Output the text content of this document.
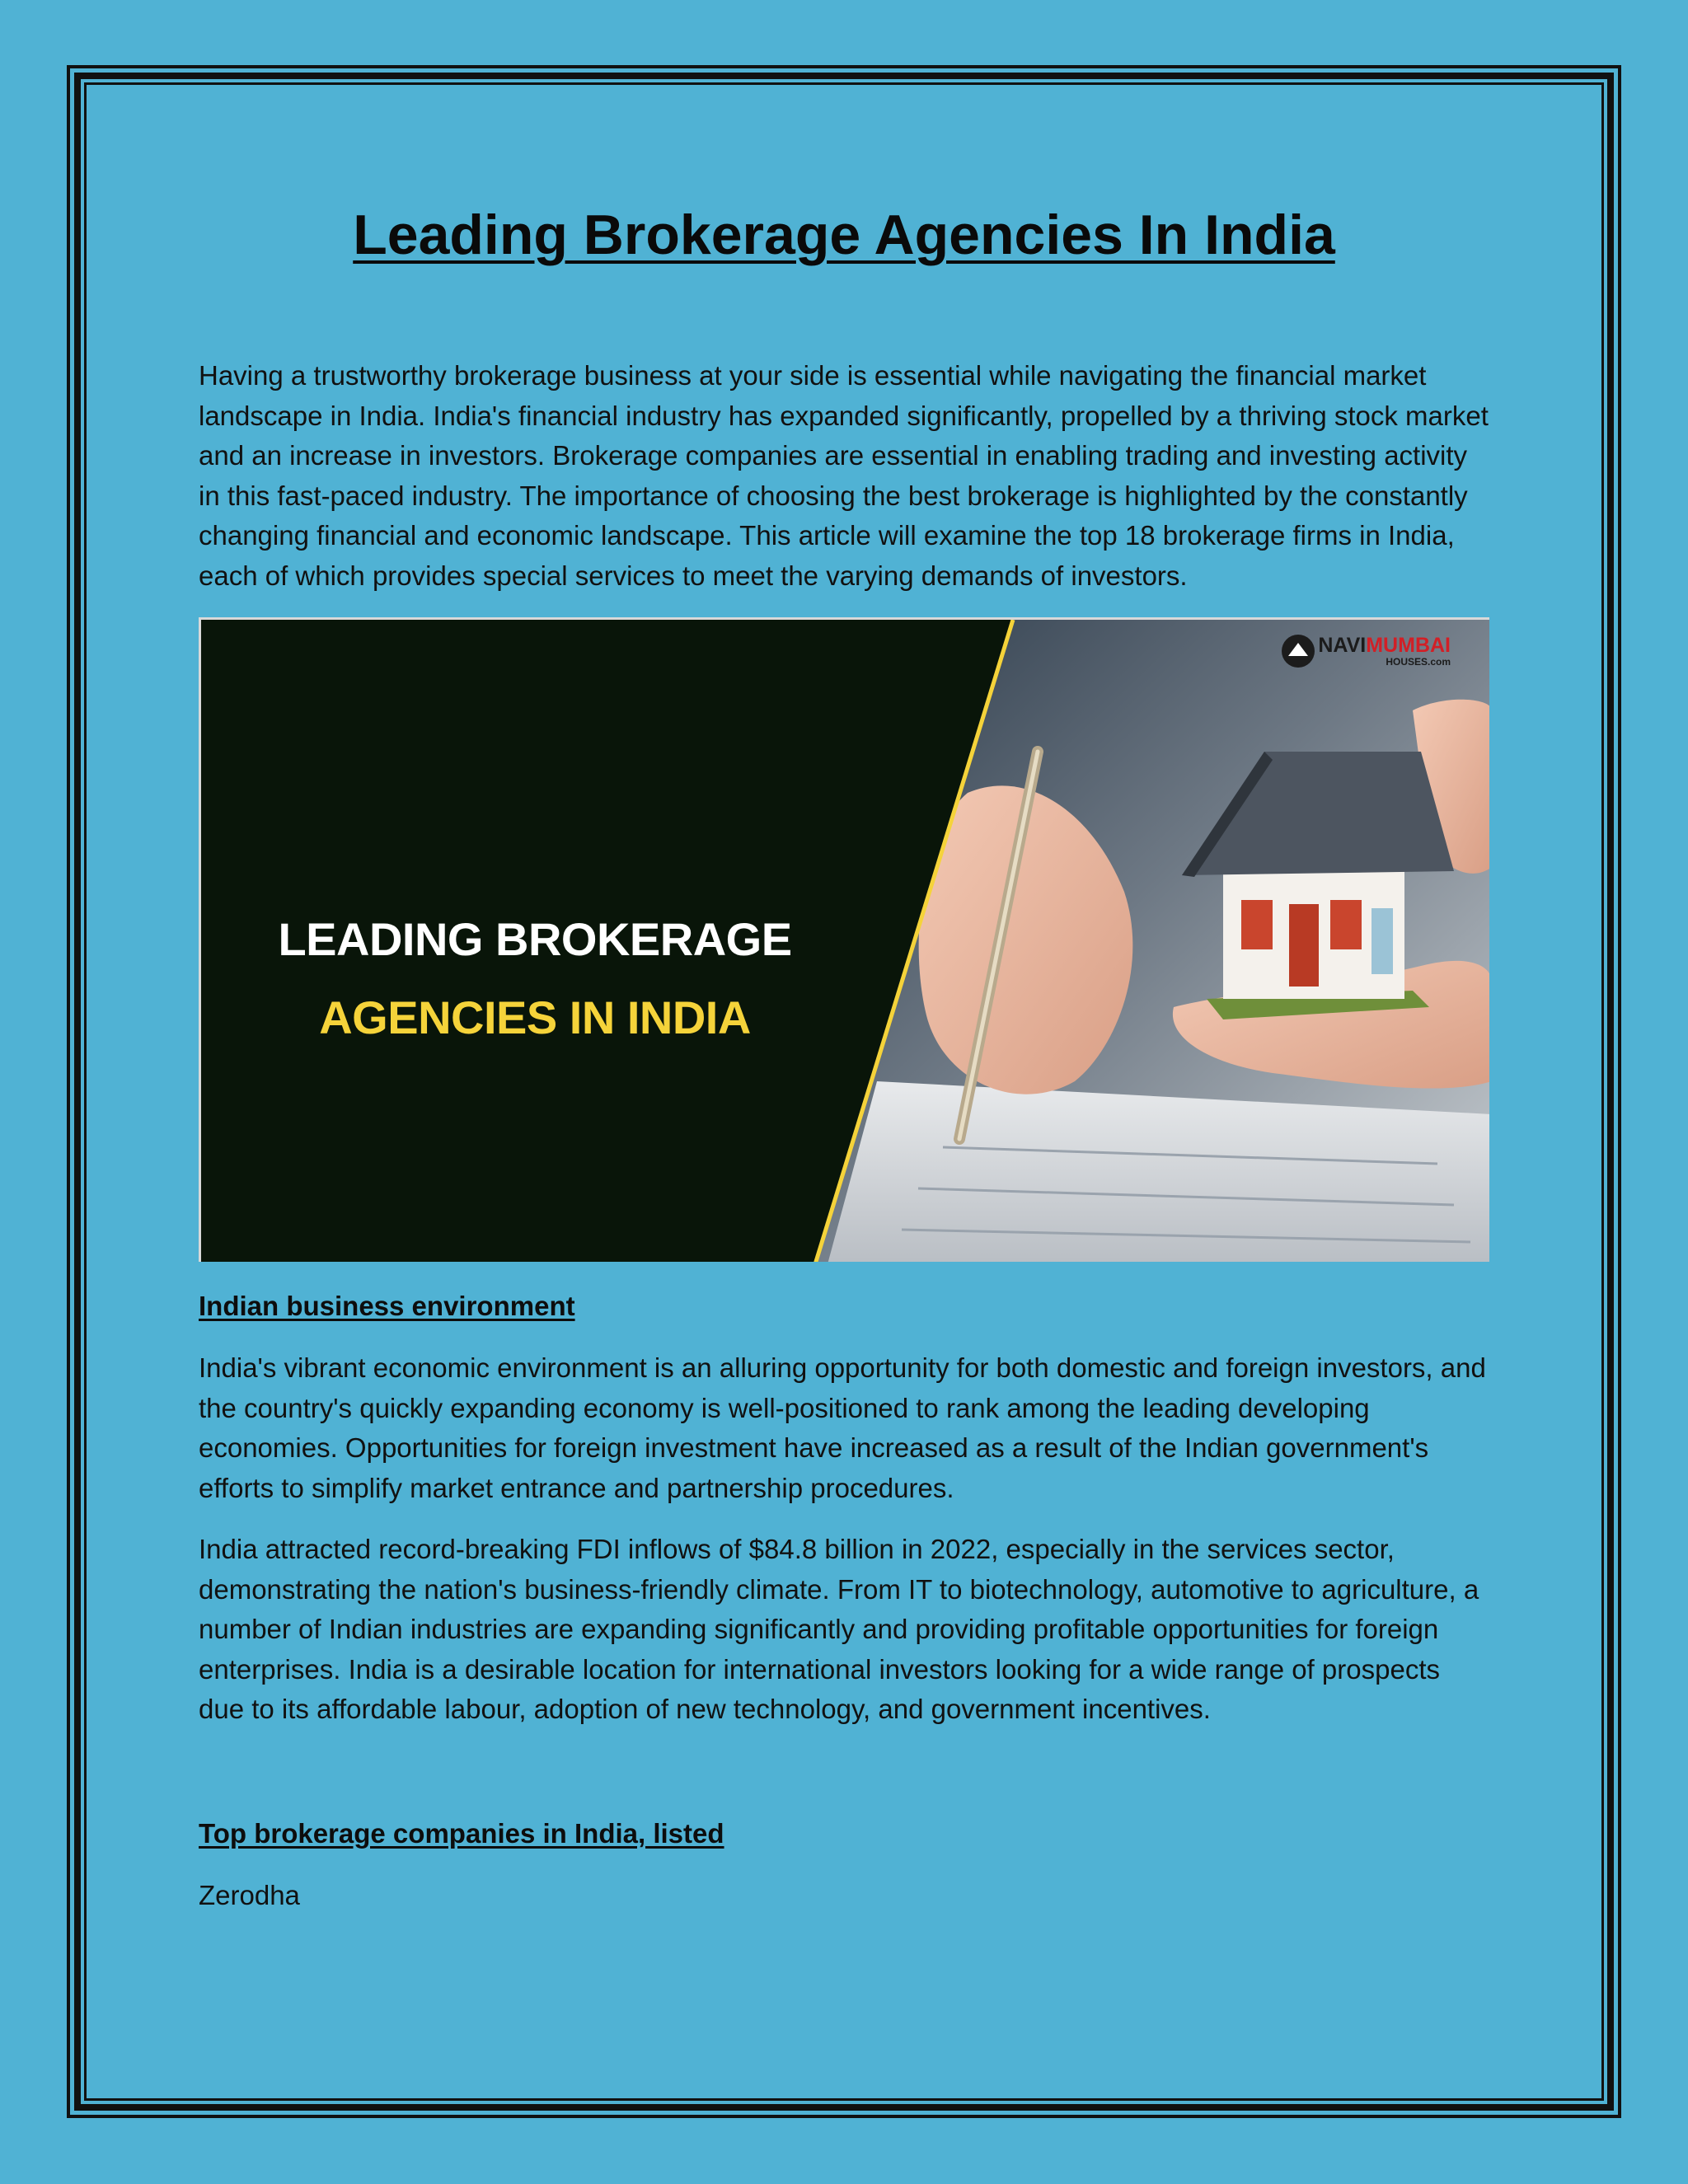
Leading Brokerage Agencies In India

Having a trustworthy brokerage business at your side is essential while navigating the financial market landscape in India. India's financial industry has expanded significantly, propelled by a thriving stock market and an increase in investors. Brokerage companies are essential in enabling trading and investing activity in this fast-paced industry. The importance of choosing the best brokerage is highlighted by the constantly changing financial and economic landscape. This article will examine the top 18 brokerage firms in India, each of which provides special services to meet the varying demands of investors.

LEADING BROKERAGE
AGENCIES IN INDIA
NAVIMUMBAI
HOUSES.com
Indian business environment

India's vibrant economic environment is an alluring opportunity for both domestic and foreign investors, and the country's quickly expanding economy is well-positioned to rank among the leading developing economies. Opportunities for foreign investment have increased as a result of the Indian government's efforts to simplify market entrance and partnership procedures.

India attracted record-breaking FDI inflows of $84.8 billion in 2022, especially in the services sector, demonstrating the nation's business-friendly climate. From IT to biotechnology, automotive to agriculture, a number of Indian industries are expanding significantly and providing profitable opportunities for foreign enterprises. India is a desirable location for international investors looking for a wide range of prospects due to its affordable labour, adoption of new technology, and government incentives.

Top brokerage companies in India, listed

Zerodha
